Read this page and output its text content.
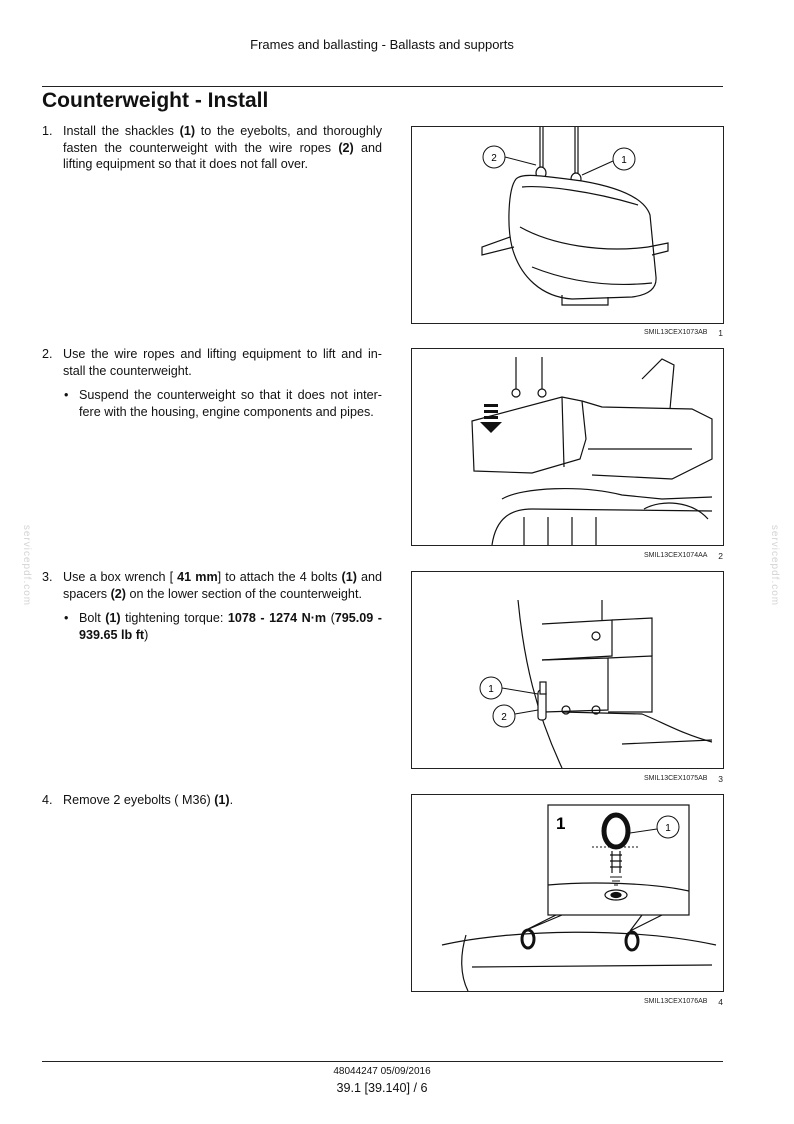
Frames and ballasting - Ballasts and supports
Counterweight - Install
1. Install the shackles (1) to the eyebolts, and thoroughly fasten the counterweight with the wire ropes (2) and lifting equipment so that it does not fall over.
2. Use the wire ropes and lifting equipment to lift and in- stall the counterweight.
• Suspend the counterweight so that it does not inter- fere with the housing, engine components and pipes.
3. Use a box wrench [ 41 mm] to attach the 4 bolts (1) and spacers (2) on the lower section of the counterweight.
• Bolt (1) tightening torque: 1078 - 1274 N·m (795.09 - 939.65 lb ft)
4. Remove 2 eyebolts ( M36) (1).
2	1
SMIL13CEX1073AB 1
SMIL13CEX1074AA 2
1
2
SMIL13CEX1075AB 3
1	1
SMIL13CEX1076AB 4
servicepdf.com	servicepdf.com
48044247 05/09/2016
39.1 [39.140] / 6
